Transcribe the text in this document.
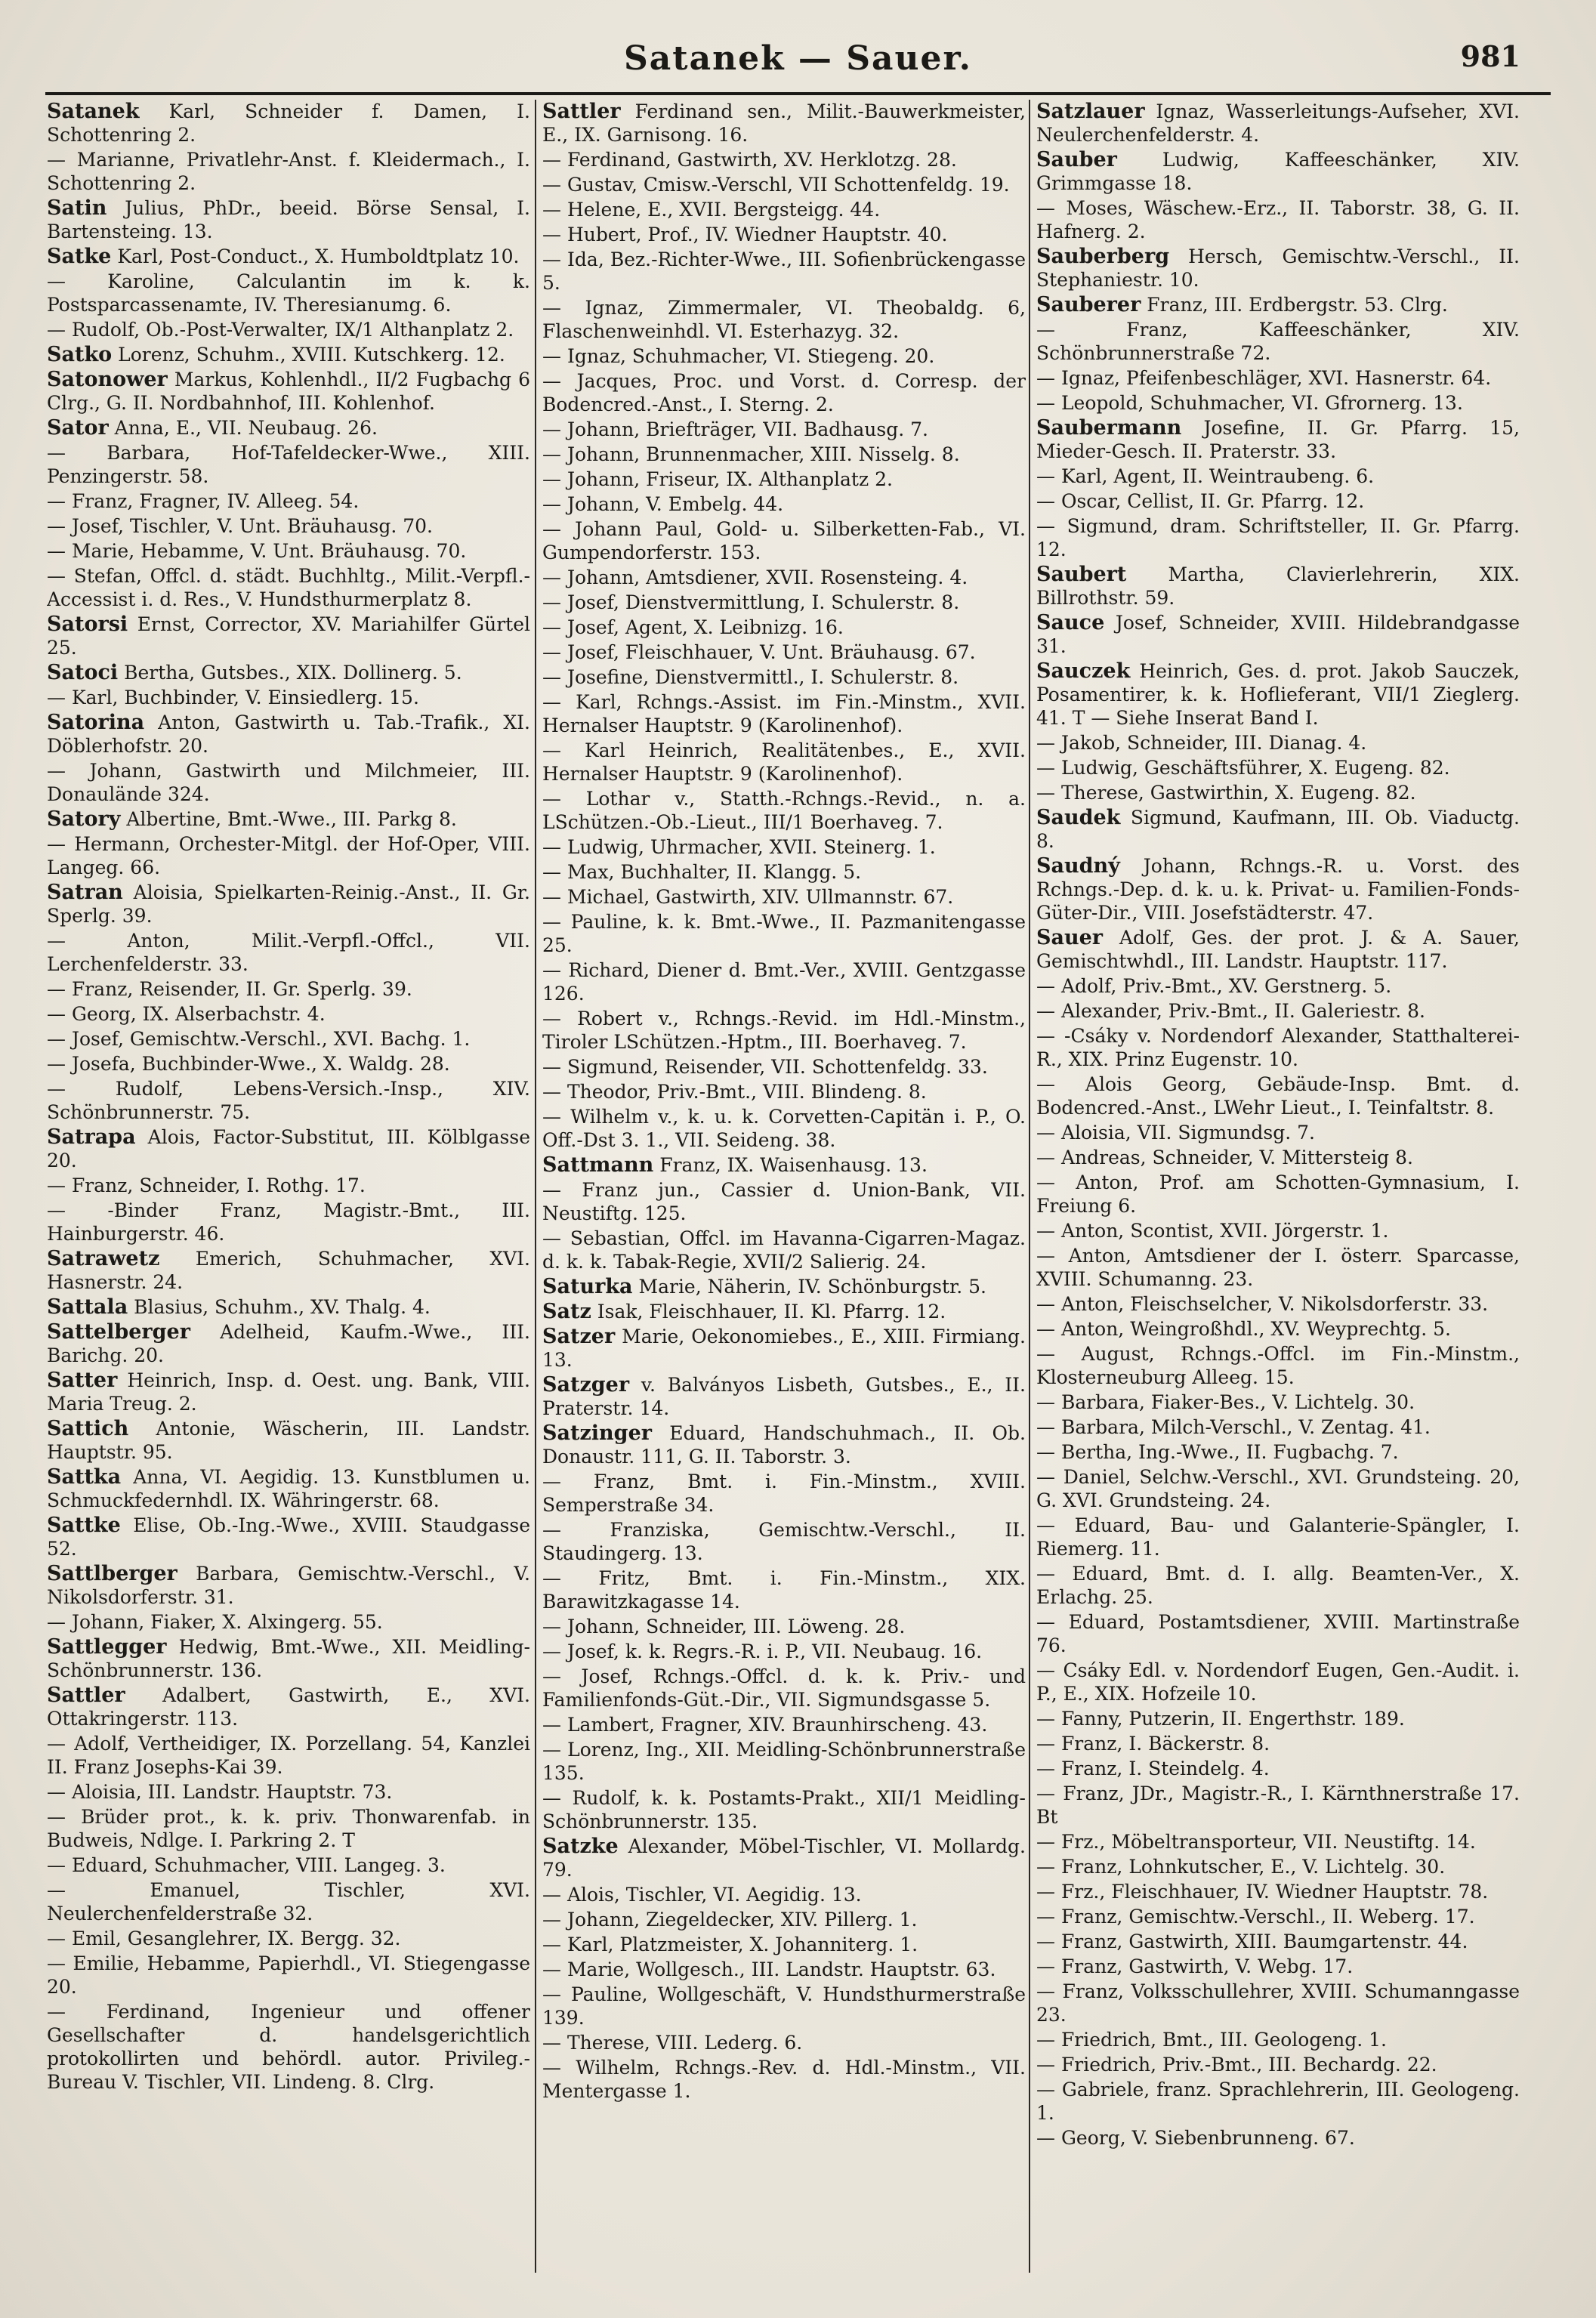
Satanek — Sauer.	981
Satanek Karl, Schneider f. Damen, I. Schottenring 2.
— Marianne, Privatlehr-Anst. f. Kleidermach., I. Schottenring 2.
Satin Julius, PhDr., beeid. Börse Sensal, I. Bartensteing. 13.
Satke Karl, Post-Conduct., X. Humboldtplatz 10.
— Karoline, Calculantin im k. k. Postsparcassenamte, IV. Theresianumg. 6.
— Rudolf, Ob.-Post-Verwalter, IX/1 Althanplatz 2.
Satko Lorenz, Schuhm., XVIII. Kutschkerg. 12.
Satonower Markus, Kohlenhdl., II/2 Fugbachg 6 Clrg., G. II. Nordbahnhof, III. Kohlenhof.
Sator Anna, E., VII. Neubaug. 26.
— Barbara, Hof-Tafeldecker-Wwe., XIII. Penzingerstr. 58.
— Franz, Fragner, IV. Alleeg. 54.
— Josef, Tischler, V. Unt. Bräuhausg. 70.
— Marie, Hebamme, V. Unt. Bräuhausg. 70.
— Stefan, Offcl. d. städt. Buchhltg., Milit.-Verpfl.-Accessist i. d. Res., V. Hundsthurmerplatz 8.
Satorsi Ernst, Corrector, XV. Mariahilfer Gürtel 25.
Satoci Bertha, Gutsbes., XIX. Dollinerg. 5.
— Karl, Buchbinder, V. Einsiedlerg. 15.
Satorina Anton, Gastwirth u. Tab.-Trafik., XI. Döblerhofstr. 20.
— Johann, Gastwirth und Milchmeier, III. Donaulände 324.
Satory Albertine, Bmt.-Wwe., III. Parkg 8.
— Hermann, Orchester-Mitgl. der Hof-Oper, VIII. Langeg. 66.
Satran Aloisia, Spielkarten-Reinig.-Anst., II. Gr. Sperlg. 39.
— Anton, Milit.-Verpfl.-Offcl., VII. Lerchenfelderstr. 33.
— Franz, Reisender, II. Gr. Sperlg. 39.
— Georg, IX. Alserbachstr. 4.
— Josef, Gemischtw.-Verschl., XVI. Bachg. 1.
— Josefa, Buchbinder-Wwe., X. Waldg. 28.
— Rudolf, Lebens-Versich.-Insp., XIV. Schönbrunnerstr. 75.
Satrapa Alois, Factor-Substitut, III. Kölblgasse 20.
— Franz, Schneider, I. Rothg. 17.
— -Binder Franz, Magistr.-Bmt., III. Hainburgerstr. 46.
Satrawetz Emerich, Schuhmacher, XVI. Hasnerstr. 24.
Sattala Blasius, Schuhm., XV. Thalg. 4.
Sattelberger Adelheid, Kaufm.-Wwe., III. Barichg. 20.
Satter Heinrich, Insp. d. Oest. ung. Bank, VIII. Maria Treug. 2.
Sattich Antonie, Wäscherin, III. Landstr. Hauptstr. 95.
Sattka Anna, VI. Aegidig. 13. Kunstblumen u. Schmuckfedernhdl. IX. Währingerstr. 68.
Sattke Elise, Ob.-Ing.-Wwe., XVIII. Staudgasse 52.
Sattlberger Barbara, Gemischtw.-Verschl., V. Nikolsdorferstr. 31.
— Johann, Fiaker, X. Alxingerg. 55.
Sattlegger Hedwig, Bmt.-Wwe., XII. Meidling-Schönbrunnerstr. 136.
Sattler Adalbert, Gastwirth, E., XVI. Ottakringerstr. 113.
— Adolf, Vertheidiger, IX. Porzellang. 54, Kanzlei II. Franz Josephs-Kai 39.
— Aloisia, III. Landstr. Hauptstr. 73.
— Brüder prot., k. k. priv. Thonwarenfab. in Budweis, Ndlge. I. Parkring 2. T
— Eduard, Schuhmacher, VIII. Langeg. 3.
— Emanuel, Tischler, XVI. Neulerchenfelderstraße 32.
— Emil, Gesanglehrer, IX. Bergg. 32.
— Emilie, Hebamme, Papierhdl., VI. Stiegengasse 20.
— Ferdinand, Ingenieur und offener Gesellschafter d. handelsgerichtlich protokollirten und behördl. autor. Privileg.-Bureau V. Tischler, VII. Lindeng. 8. Clrg.
Sattler Ferdinand sen., Milit.-Bauwerkmeister, E., IX. Garnisong. 16.
— Ferdinand, Gastwirth, XV. Herklotzg. 28.
— Gustav, Cmisw.-Verschl, VII Schottenfeldg. 19.
— Helene, E., XVII. Bergsteigg. 44.
— Hubert, Prof., IV. Wiedner Hauptstr. 40.
— Ida, Bez.-Richter-Wwe., III. Sofienbrückengasse 5.
— Ignaz, Zimmermaler, VI. Theobaldg. 6, Flaschenweinhdl. VI. Esterhazyg. 32.
— Ignaz, Schuhmacher, VI. Stiegeng. 20.
— Jacques, Proc. und Vorst. d. Corresp. der Bodencred.-Anst., I. Sterng. 2.
— Johann, Briefträger, VII. Badhausg. 7.
— Johann, Brunnenmacher, XIII. Nisselg. 8.
— Johann, Friseur, IX. Althanplatz 2.
— Johann, V. Embelg. 44.
— Johann Paul, Gold- u. Silberketten-Fab., VI. Gumpendorferstr. 153.
— Johann, Amtsdiener, XVII. Rosensteing. 4.
— Josef, Dienstvermittlung, I. Schulerstr. 8.
— Josef, Agent, X. Leibnizg. 16.
— Josef, Fleischhauer, V. Unt. Bräuhausg. 67.
— Josefine, Dienstvermittl., I. Schulerstr. 8.
— Karl, Rchngs.-Assist. im Fin.-Minstm., XVII. Hernalser Hauptstr. 9 (Karolinenhof).
— Karl Heinrich, Realitätenbes., E., XVII. Hernalser Hauptstr. 9 (Karolinenhof).
— Lothar v., Statth.-Rchngs.-Revid., n. a. LSchützen.-Ob.-Lieut., III/1 Boerhaveg. 7.
— Ludwig, Uhrmacher, XVII. Steinerg. 1.
— Max, Buchhalter, II. Klangg. 5.
— Michael, Gastwirth, XIV. Ullmannstr. 67.
— Pauline, k. k. Bmt.-Wwe., II. Pazmanitengasse 25.
— Richard, Diener d. Bmt.-Ver., XVIII. Gentzgasse 126.
— Robert v., Rchngs.-Revid. im Hdl.-Minstm., Tiroler LSchützen.-Hptm., III. Boerhaveg. 7.
— Sigmund, Reisender, VII. Schottenfeldg. 33.
— Theodor, Priv.-Bmt., VIII. Blindeng. 8.
— Wilhelm v., k. u. k. Corvetten-Capitän i. P., O. Off.-Dst 3. 1., VII. Seideng. 38.
Sattmann Franz, IX. Waisenhausg. 13.
— Franz jun., Cassier d. Union-Bank, VII. Neustiftg. 125.
— Sebastian, Offcl. im Havanna-Cigarren-Magaz. d. k. k. Tabak-Regie, XVII/2 Salierig. 24.
Saturka Marie, Näherin, IV. Schönburgstr. 5.
Satz Isak, Fleischhauer, II. Kl. Pfarrg. 12.
Satzer Marie, Oekonomiebes., E., XIII. Firmiang. 13.
Satzger v. Balványos Lisbeth, Gutsbes., E., II. Praterstr. 14.
Satzinger Eduard, Handschuhmach., II. Ob. Donaustr. 111, G. II. Taborstr. 3.
— Franz, Bmt. i. Fin.-Minstm., XVIII. Semperstraße 34.
— Franziska, Gemischtw.-Verschl., II. Staudingerg. 13.
— Fritz, Bmt. i. Fin.-Minstm., XIX. Barawitzkagasse 14.
— Johann, Schneider, III. Löweng. 28.
— Josef, k. k. Regrs.-R. i. P., VII. Neubaug. 16.
— Josef, Rchngs.-Offcl. d. k. k. Priv.- und Familienfonds-Güt.-Dir., VII. Sigmundsgasse 5.
— Lambert, Fragner, XIV. Braunhirscheng. 43.
— Lorenz, Ing., XII. Meidling-Schönbrunnerstraße 135.
— Rudolf, k. k. Postamts-Prakt., XII/1 Meidling-Schönbrunnerstr. 135.
Satzke Alexander, Möbel-Tischler, VI. Mollardg. 79.
— Alois, Tischler, VI. Aegidig. 13.
— Johann, Ziegeldecker, XIV. Pillerg. 1.
— Karl, Platzmeister, X. Johanniterg. 1.
— Marie, Wollgesch., III. Landstr. Hauptstr. 63.
— Pauline, Wollgeschäft, V. Hundsthurmerstraße 139.
— Therese, VIII. Lederg. 6.
— Wilhelm, Rchngs.-Rev. d. Hdl.-Minstm., VII. Mentergasse 1.
Satzlauer Ignaz, Wasserleitungs-Aufseher, XVI. Neulerchenfelderstr. 4.
Sauber Ludwig, Kaffeeschänker, XIV. Grimmgasse 18.
— Moses, Wäschew.-Erz., II. Taborstr. 38, G. II. Hafnerg. 2.
Sauberberg Hersch, Gemischtw.-Verschl., II. Stephaniestr. 10.
Sauberer Franz, III. Erdbergstr. 53. Clrg.
— Franz, Kaffeeschänker, XIV. Schönbrunnerstraße 72.
— Ignaz, Pfeifenbeschläger, XVI. Hasnerstr. 64.
— Leopold, Schuhmacher, VI. Gfrornerg. 13.
Saubermann Josefine, II. Gr. Pfarrg. 15, Mieder-Gesch. II. Praterstr. 33.
— Karl, Agent, II. Weintraubeng. 6.
— Oscar, Cellist, II. Gr. Pfarrg. 12.
— Sigmund, dram. Schriftsteller, II. Gr. Pfarrg. 12.
Saubert Martha, Clavierlehrerin, XIX. Billrothstr. 59.
Sauce Josef, Schneider, XVIII. Hildebrandgasse 31.
Sauczek Heinrich, Ges. d. prot. Jakob Sauczek, Posamentirer, k. k. Hoflieferant, VII/1 Zieglerg. 41. T — Siehe Inserat Band I.
— Jakob, Schneider, III. Dianag. 4.
— Ludwig, Geschäftsführer, X. Eugeng. 82.
— Therese, Gastwirthin, X. Eugeng. 82.
Saudek Sigmund, Kaufmann, III. Ob. Viaductg. 8.
Saudný Johann, Rchngs.-R. u. Vorst. des Rchngs.-Dep. d. k. u. k. Privat- u. Familien-Fonds-Güter-Dir., VIII. Josefstädterstr. 47.
Sauer Adolf, Ges. der prot. J. & A. Sauer, Gemischtwhdl., III. Landstr. Hauptstr. 117.
— Adolf, Priv.-Bmt., XV. Gerstnerg. 5.
— Alexander, Priv.-Bmt., II. Galeriestr. 8.
— -Csáky v. Nordendorf Alexander, Statthalterei-R., XIX. Prinz Eugenstr. 10.
— Alois Georg, Gebäude-Insp. Bmt. d. Bodencred.-Anst., LWehr Lieut., I. Teinfaltstr. 8.
— Aloisia, VII. Sigmundsg. 7.
— Andreas, Schneider, V. Mittersteig 8.
— Anton, Prof. am Schotten-Gymnasium, I. Freiung 6.
— Anton, Scontist, XVII. Jörgerstr. 1.
— Anton, Amtsdiener der I. österr. Sparcasse, XVIII. Schumanng. 23.
— Anton, Fleischselcher, V. Nikolsdorferstr. 33.
— Anton, Weingroßhdl., XV. Weyprechtg. 5.
— August, Rchngs.-Offcl. im Fin.-Minstm., Klosterneuburg Alleeg. 15.
— Barbara, Fiaker-Bes., V. Lichtelg. 30.
— Barbara, Milch-Verschl., V. Zentag. 41.
— Bertha, Ing.-Wwe., II. Fugbachg. 7.
— Daniel, Selchw.-Verschl., XVI. Grundsteing. 20, G. XVI. Grundsteing. 24.
— Eduard, Bau- und Galanterie-Spängler, I. Riemerg. 11.
— Eduard, Bmt. d. I. allg. Beamten-Ver., X. Erlachg. 25.
— Eduard, Postamtsdiener, XVIII. Martinstraße 76.
— Csáky Edl. v. Nordendorf Eugen, Gen.-Audit. i. P., E., XIX. Hofzeile 10.
— Fanny, Putzerin, II. Engerthstr. 189.
— Franz, I. Bäckerstr. 8.
— Franz, I. Steindelg. 4.
— Franz, JDr., Magistr.-R., I. Kärnthnerstraße 17. Bt
— Frz., Möbeltransporteur, VII. Neustiftg. 14.
— Franz, Lohnkutscher, E., V. Lichtelg. 30.
— Frz., Fleischhauer, IV. Wiedner Hauptstr. 78.
— Franz, Gemischtw.-Verschl., II. Weberg. 17.
— Franz, Gastwirth, XIII. Baumgartenstr. 44.
— Franz, Gastwirth, V. Webg. 17.
— Franz, Volksschullehrer, XVIII. Schumanngasse 23.
— Friedrich, Bmt., III. Geologeng. 1.
— Friedrich, Priv.-Bmt., III. Bechardg. 22.
— Gabriele, franz. Sprachlehrerin, III. Geologeng. 1.
— Georg, V. Siebenbrunneng. 67.
